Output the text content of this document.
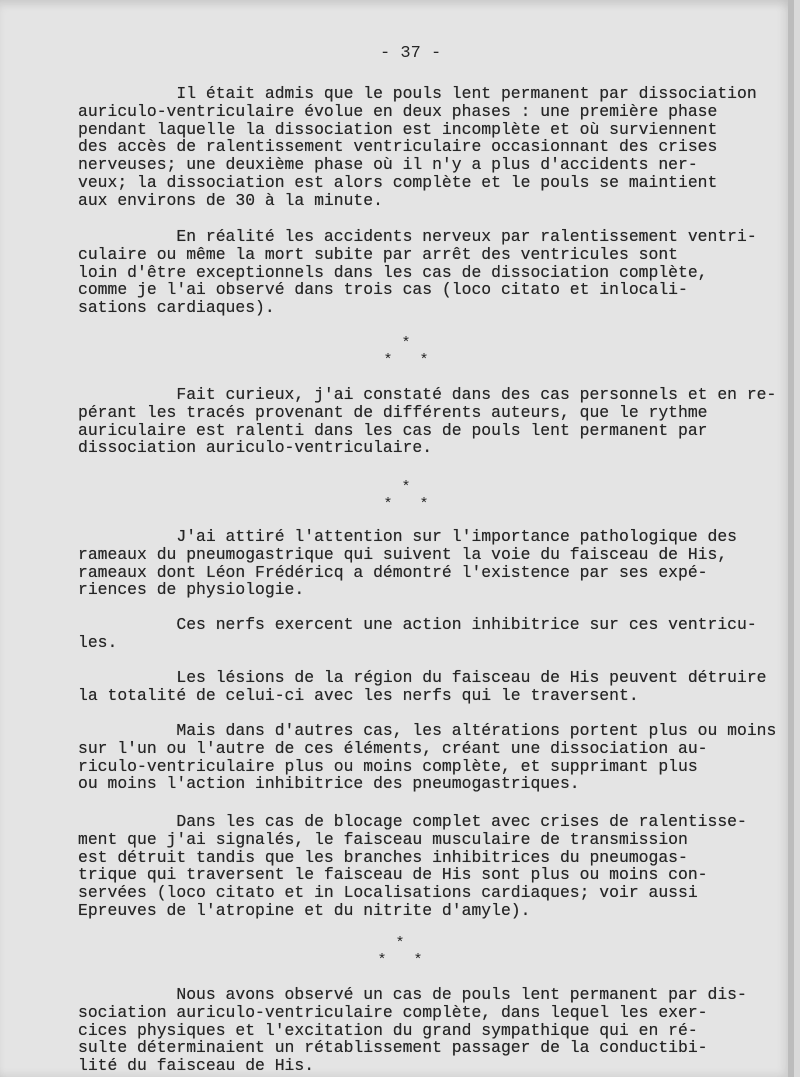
- 37 -
Il était admis que le pouls lent permanent par dissociation
auriculo-ventriculaire évolue en deux phases : une première phase
pendant laquelle la dissociation est incomplète et où surviennent
des accès de ralentissement ventriculaire occasionnant des crises
nerveuses; une deuxième phase où il n'y a plus d'accidents ner-
veux; la dissociation est alors complète et le pouls se maintient
aux environs de 30 à la minute.
En réalité les accidents nerveux par ralentissement ventri-
culaire ou même la mort subite par arrêt des ventricules sont
loin d'être exceptionnels dans les cas de dissociation complète,
comme je l'ai observé dans trois cas (loco citato et inlocali-
sations cardiaques).
*
* *
Fait curieux, j'ai constaté dans des cas personnels et en re-
pérant les tracés provenant de différents auteurs, que le rythme
auriculaire est ralenti dans les cas de pouls lent permanent par
dissociation auriculo-ventriculaire.
*
* *
J'ai attiré l'attention sur l'importance pathologique des
rameaux du pneumogastrique qui suivent la voie du faisceau de His,
rameaux dont Léon Frédéricq a démontré l'existence par ses expé-
riences de physiologie.
Ces nerfs exercent une action inhibitrice sur ces ventricu-
les.
Les lésions de la région du faisceau de His peuvent détruire
la totalité de celui-ci avec les nerfs qui le traversent.
Mais dans d'autres cas, les altérations portent plus ou moins
sur l'un ou l'autre de ces éléments, créant une dissociation au-
riculo-ventriculaire plus ou moins complète, et supprimant plus
ou moins l'action inhibitrice des pneumogastriques.
Dans les cas de blocage complet avec crises de ralentisse-
ment que j'ai signalés, le faisceau musculaire de transmission
est détruit tandis que les branches inhibitrices du pneumogas-
trique qui traversent le faisceau de His sont plus ou moins con-
servées (loco citato et in Localisations cardiaques; voir aussi
Epreuves de l'atropine et du nitrite d'amyle).
*
* *
Nous avons observé un cas de pouls lent permanent par dis-
sociation auriculo-ventriculaire complète, dans lequel les exer-
cices physiques et l'excitation du grand sympathique qui en ré-
sulte déterminaient un rétablissement passager de la conductibi-
lité du faisceau de His.
